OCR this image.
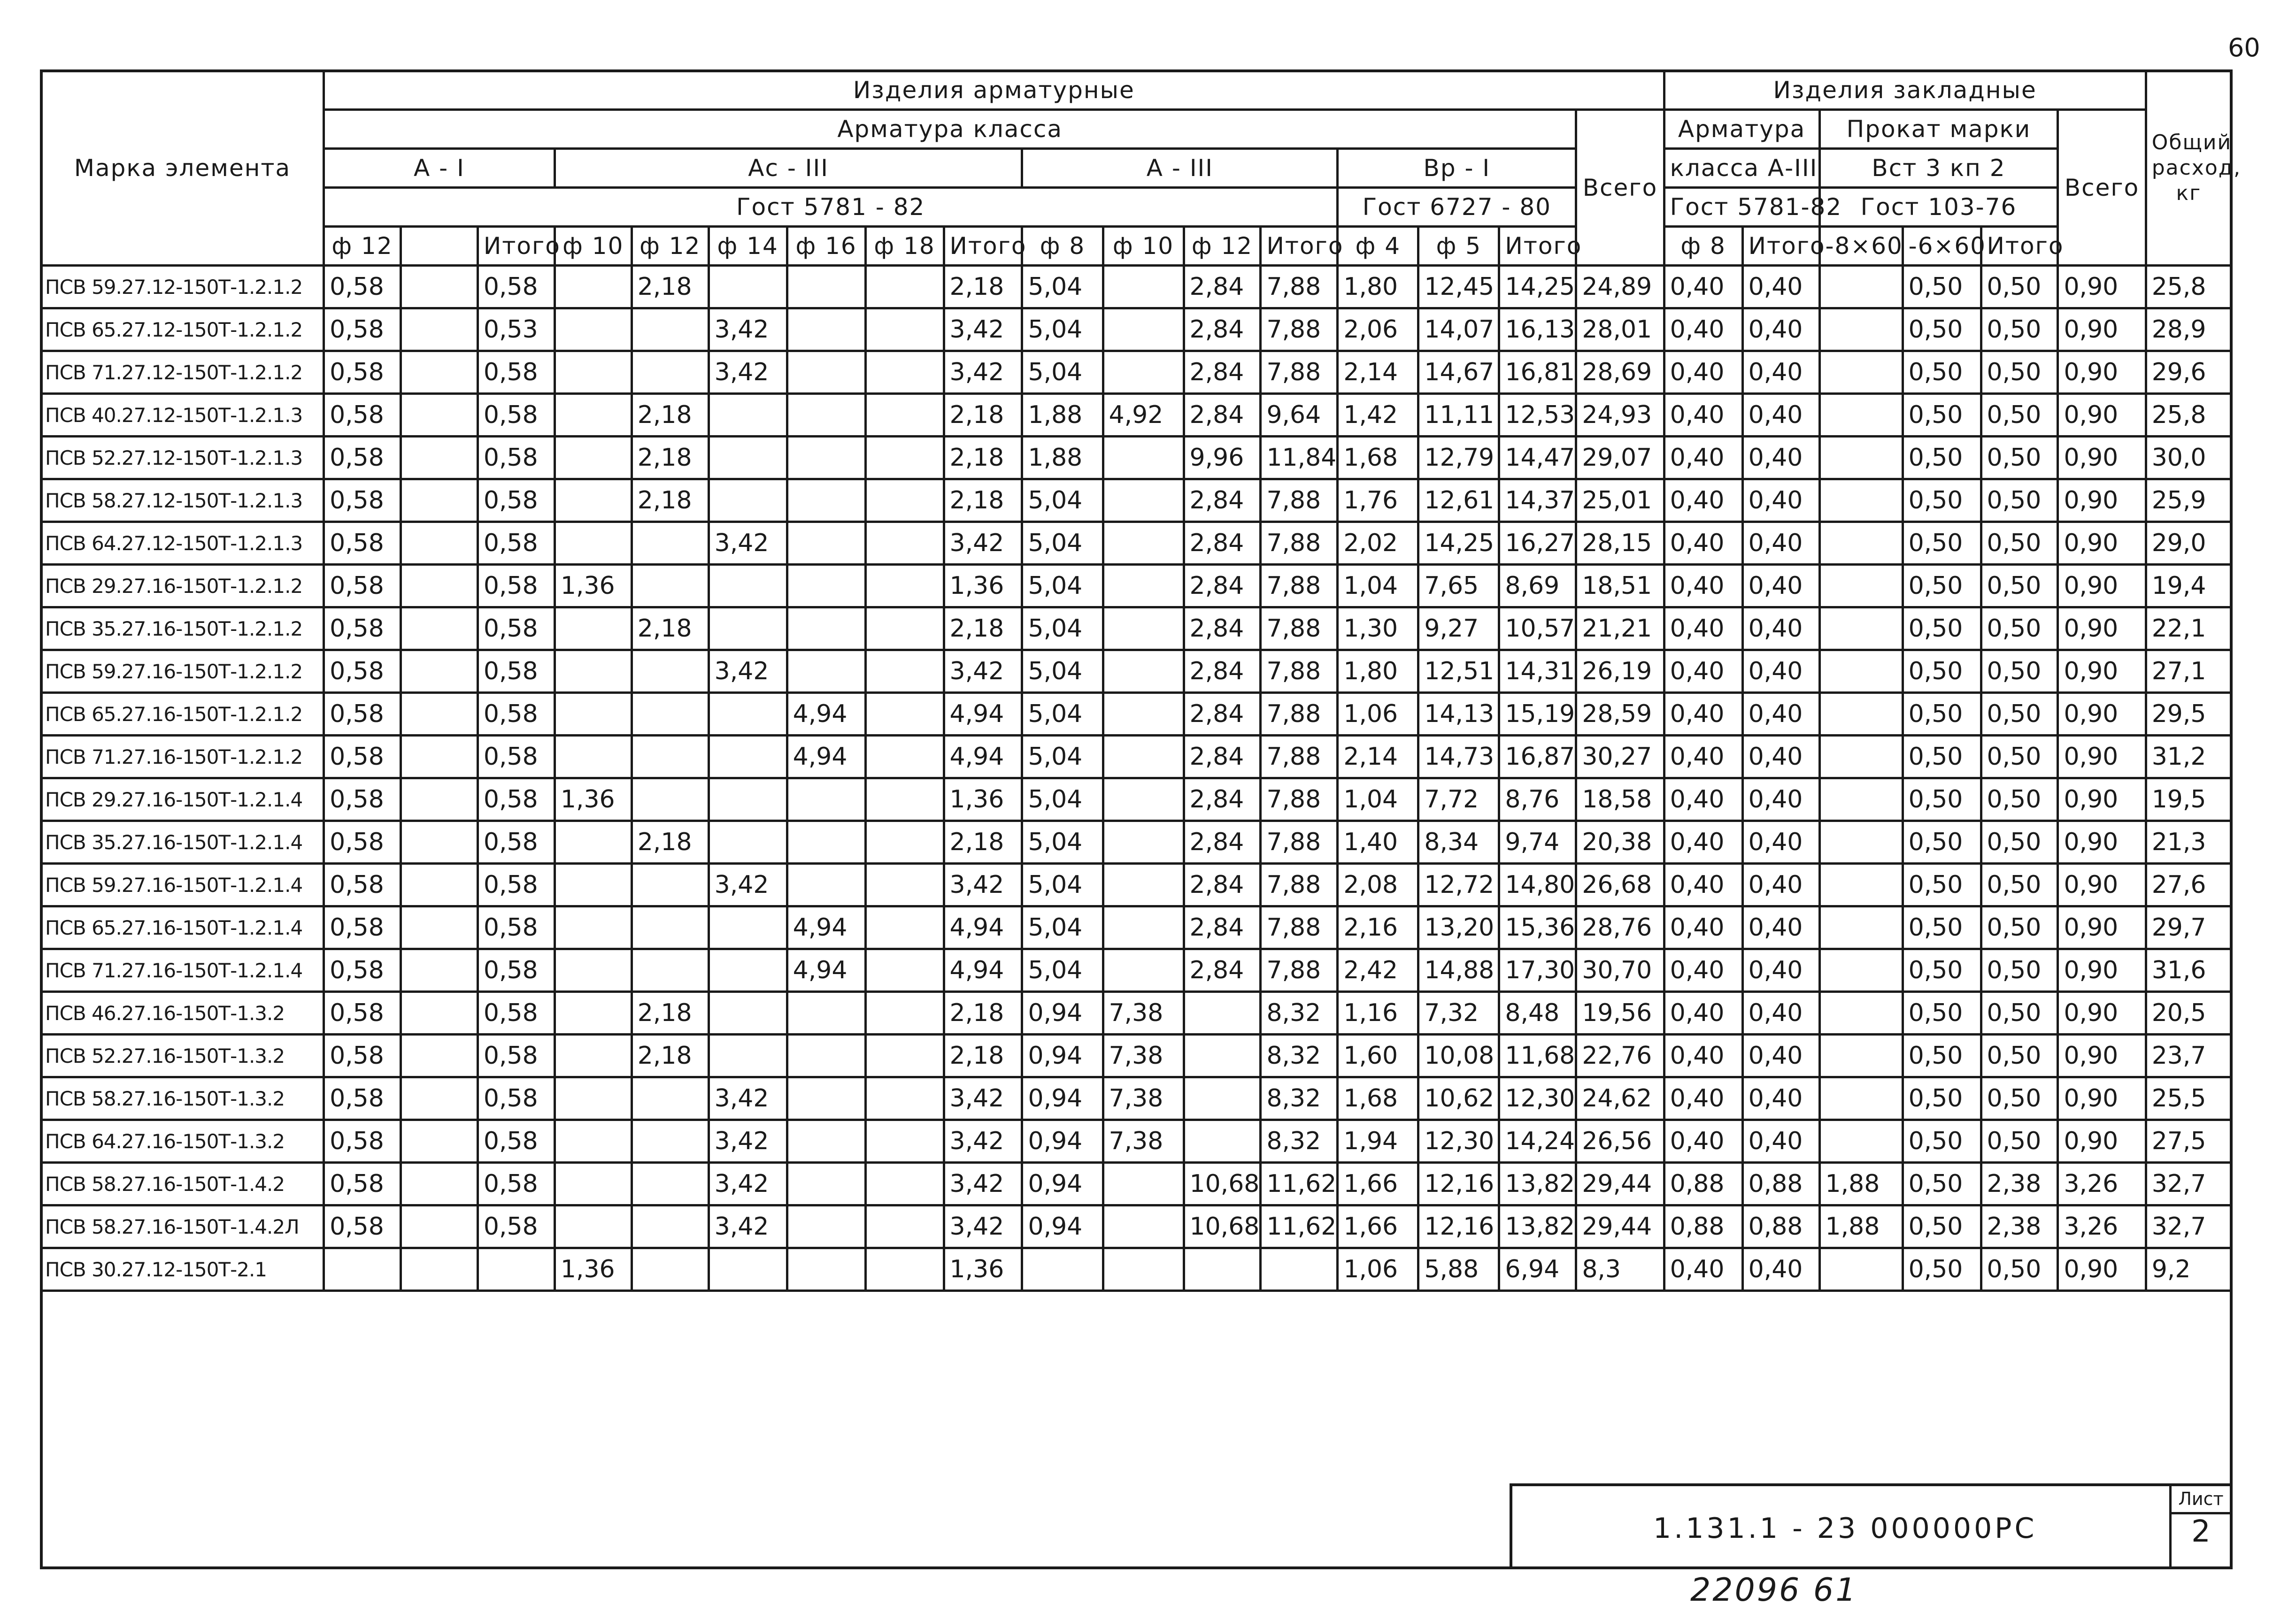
60
Марка элемента	Изделия арматурные																	Изделия закладные						Общий расход, кг
	Арматура класса																Всего	Арматура		Прокат марки			Всего	
	А - I			Ас - III						А - III				Вр - I				класса А-III		Вст 3 кп 2				
	Гост 5781 - 82													Гост 6727 - 80				Гост 5781-82		Гост 103-76				
	ф 12		Итого	ф 10	ф 12	ф 14	ф 16	ф 18	Итого	ф 8	ф 10	ф 12	Итого	ф 4	ф 5	Итого		ф 8	Итого	-8×60	-6×60	Итого		
ПСВ 59.27.12-150Т-1.2.1.2	0,58		0,58		2,18				2,18	5,04		2,84	7,88	1,80	12,45	14,25	24,89	0,40	0,40		0,50	0,50	0,90	25,8
ПСВ 65.27.12-150Т-1.2.1.2	0,58		0,53			3,42			3,42	5,04		2,84	7,88	2,06	14,07	16,13	28,01	0,40	0,40		0,50	0,50	0,90	28,9
ПСВ 71.27.12-150Т-1.2.1.2	0,58		0,58			3,42			3,42	5,04		2,84	7,88	2,14	14,67	16,81	28,69	0,40	0,40		0,50	0,50	0,90	29,6
ПСВ 40.27.12-150Т-1.2.1.3	0,58		0,58		2,18				2,18	1,88	4,92	2,84	9,64	1,42	11,11	12,53	24,93	0,40	0,40		0,50	0,50	0,90	25,8
ПСВ 52.27.12-150Т-1.2.1.3	0,58		0,58		2,18				2,18	1,88		9,96	11,84	1,68	12,79	14,47	29,07	0,40	0,40		0,50	0,50	0,90	30,0
ПСВ 58.27.12-150Т-1.2.1.3	0,58		0,58		2,18				2,18	5,04		2,84	7,88	1,76	12,61	14,37	25,01	0,40	0,40		0,50	0,50	0,90	25,9
ПСВ 64.27.12-150Т-1.2.1.3	0,58		0,58			3,42			3,42	5,04		2,84	7,88	2,02	14,25	16,27	28,15	0,40	0,40		0,50	0,50	0,90	29,0
ПСВ 29.27.16-150Т-1.2.1.2	0,58		0,58	1,36					1,36	5,04		2,84	7,88	1,04	7,65	8,69	18,51	0,40	0,40		0,50	0,50	0,90	19,4
ПСВ 35.27.16-150Т-1.2.1.2	0,58		0,58		2,18				2,18	5,04		2,84	7,88	1,30	9,27	10,57	21,21	0,40	0,40		0,50	0,50	0,90	22,1
ПСВ 59.27.16-150Т-1.2.1.2	0,58		0,58			3,42			3,42	5,04		2,84	7,88	1,80	12,51	14,31	26,19	0,40	0,40		0,50	0,50	0,90	27,1
ПСВ 65.27.16-150Т-1.2.1.2	0,58		0,58				4,94		4,94	5,04		2,84	7,88	1,06	14,13	15,19	28,59	0,40	0,40		0,50	0,50	0,90	29,5
ПСВ 71.27.16-150Т-1.2.1.2	0,58		0,58				4,94		4,94	5,04		2,84	7,88	2,14	14,73	16,87	30,27	0,40	0,40		0,50	0,50	0,90	31,2
ПСВ 29.27.16-150Т-1.2.1.4	0,58		0,58	1,36					1,36	5,04		2,84	7,88	1,04	7,72	8,76	18,58	0,40	0,40		0,50	0,50	0,90	19,5
ПСВ 35.27.16-150Т-1.2.1.4	0,58		0,58		2,18				2,18	5,04		2,84	7,88	1,40	8,34	9,74	20,38	0,40	0,40		0,50	0,50	0,90	21,3
ПСВ 59.27.16-150Т-1.2.1.4	0,58		0,58			3,42			3,42	5,04		2,84	7,88	2,08	12,72	14,80	26,68	0,40	0,40		0,50	0,50	0,90	27,6
ПСВ 65.27.16-150Т-1.2.1.4	0,58		0,58				4,94		4,94	5,04		2,84	7,88	2,16	13,20	15,36	28,76	0,40	0,40		0,50	0,50	0,90	29,7
ПСВ 71.27.16-150Т-1.2.1.4	0,58		0,58				4,94		4,94	5,04		2,84	7,88	2,42	14,88	17,30	30,70	0,40	0,40		0,50	0,50	0,90	31,6
ПСВ 46.27.16-150Т-1.3.2	0,58		0,58		2,18				2,18	0,94	7,38		8,32	1,16	7,32	8,48	19,56	0,40	0,40		0,50	0,50	0,90	20,5
ПСВ 52.27.16-150Т-1.3.2	0,58		0,58		2,18				2,18	0,94	7,38		8,32	1,60	10,08	11,68	22,76	0,40	0,40		0,50	0,50	0,90	23,7
ПСВ 58.27.16-150Т-1.3.2	0,58		0,58			3,42			3,42	0,94	7,38		8,32	1,68	10,62	12,30	24,62	0,40	0,40		0,50	0,50	0,90	25,5
ПСВ 64.27.16-150Т-1.3.2	0,58		0,58			3,42			3,42	0,94	7,38		8,32	1,94	12,30	14,24	26,56	0,40	0,40		0,50	0,50	0,90	27,5
ПСВ 58.27.16-150Т-1.4.2	0,58		0,58			3,42			3,42	0,94		10,68	11,62	1,66	12,16	13,82	29,44	0,88	0,88	1,88	0,50	2,38	3,26	32,7
ПСВ 58.27.16-150Т-1.4.2Л	0,58		0,58			3,42			3,42	0,94		10,68	11,62	1,66	12,16	13,82	29,44	0,88	0,88	1,88	0,50	2,38	3,26	32,7
ПСВ 30.27.12-150Т-2.1				1,36					1,36					1,06	5,88	6,94	8,3	0,40	0,40		0,50	0,50	0,90	9,2

1.131.1 - 23 000000РС
Лист
2
22096 61
